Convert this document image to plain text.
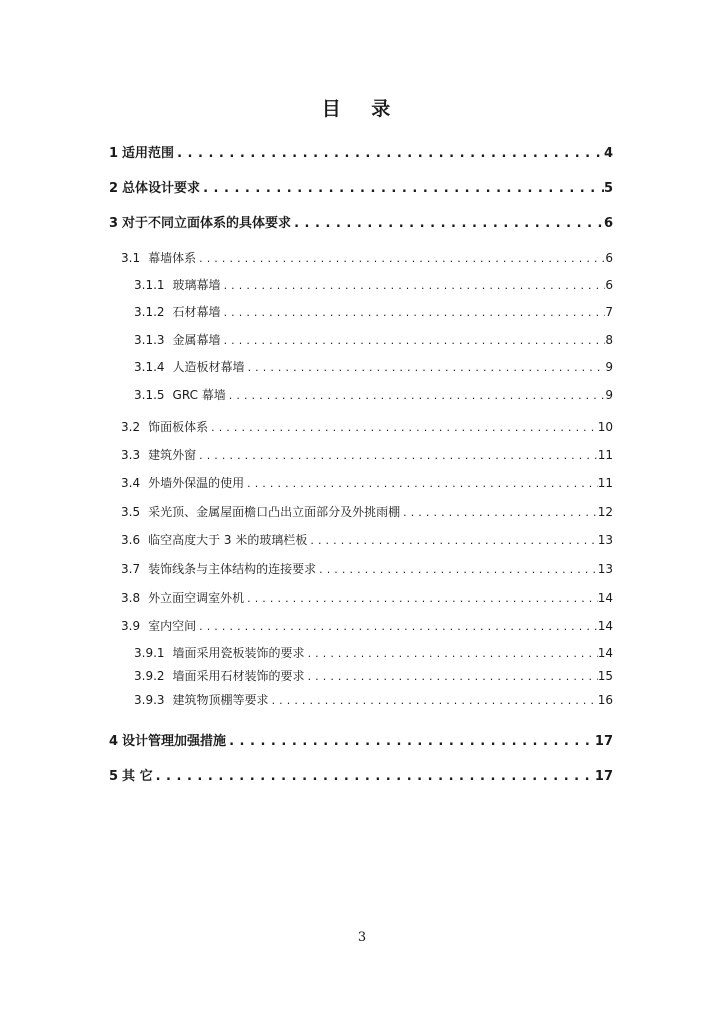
目 录
1 适用范围 . . .	4
2 总体设计要求 . . .	5
3 对于不同立面体系的具体要求 . . .	6
3.1 幕墙体系 . . .	6
3.1.1 玻璃幕墙 . . .	6
3.1.2 石材幕墙 . . .	7
3.1.3 金属幕墙 . . .	8
3.1.4 人造板材幕墙 . . .	9
3.1.5 GRC 幕墙 . . .	9
3.2 饰面板体系 . . .	10
3.3 建筑外窗 . . .	11
3.4 外墙外保温的使用 . . .	11
3.5 采光顶、金属屋面檐口凸出立面部分及外挑雨棚 . . .	12
3.6 临空高度大于 3 米的玻璃栏板 . . .	13
3.7 装饰线条与主体结构的连接要求 . . .	13
3.8 外立面空调室外机 . . .	14
3.9 室内空间 . . .	14
3.9.1 墙面采用瓷板装饰的要求 . . .	14
3.9.2 墙面采用石材装饰的要求 . . .	15
3.9.3 建筑物顶棚等要求 . . .	16
4 设计管理加强措施 . . .	17
5 其 它 . . .	17
3
